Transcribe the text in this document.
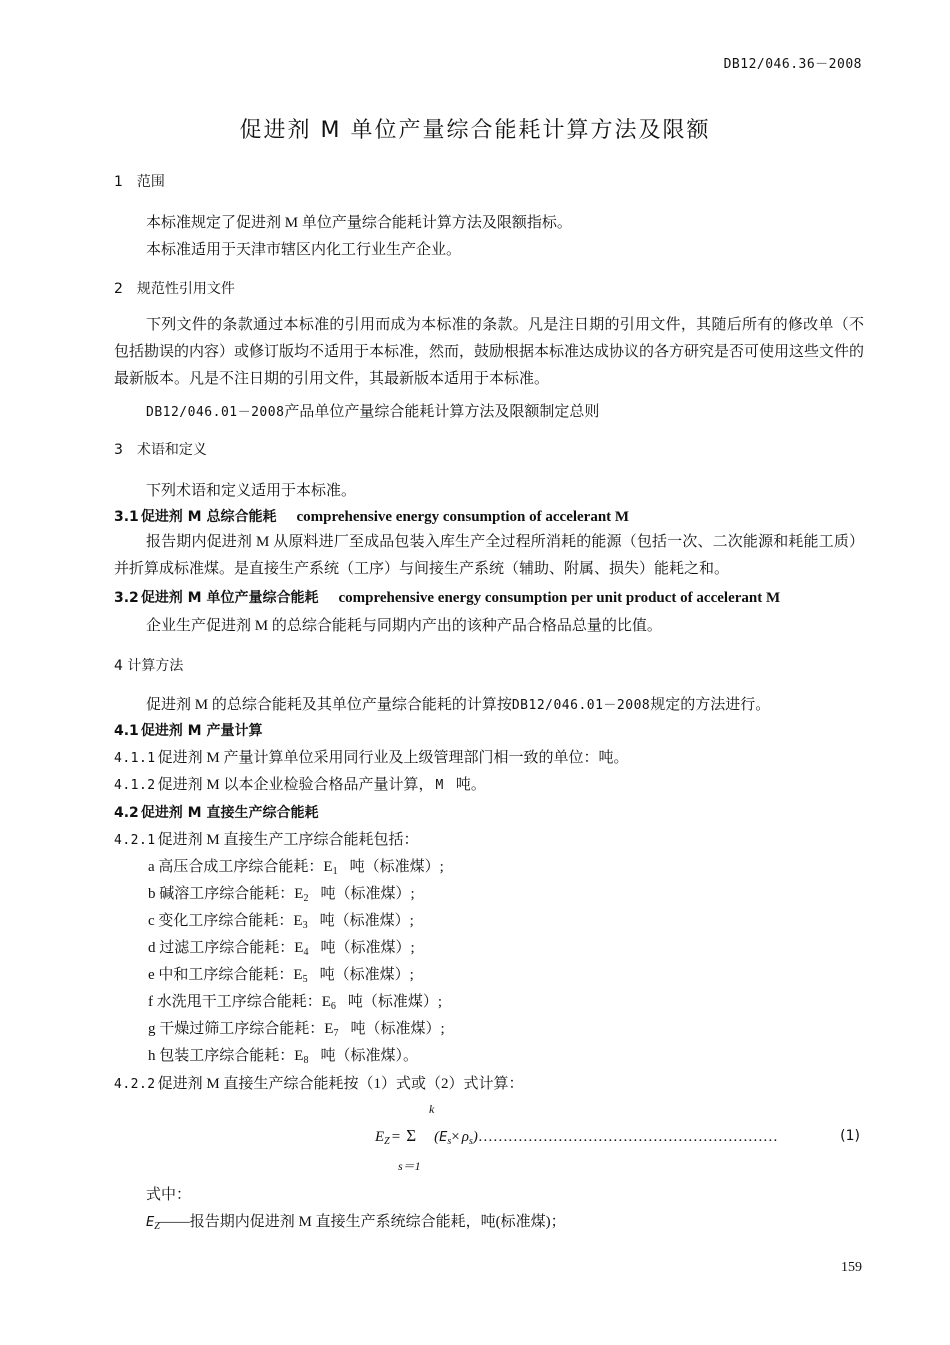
DB12/046.36－2008
促进剂 M 单位产量综合能耗计算方法及限额
1　范围
本标准规定了促进剂 M 单位产量综合能耗计算方法及限额指标。
本标准适用于天津市辖区内化工行业生产企业。
2　规范性引用文件
下列文件的条款通过本标准的引用而成为本标准的条款。凡是注日期的引用文件，其随后所有的修改单（不包括勘误的内容）或修订版均不适用于本标准，然而，鼓励根据本标准达成协议的各方研究是否可使用这些文件的最新版本。凡是不注日期的引用文件，其最新版本适用于本标准。
DB12/046.01－2008产品单位产量综合能耗计算方法及限额制定总则
3　术语和定义
下列术语和定义适用于本标准。
3.1 促进剂 M 总综合能耗 comprehensive energy consumption of accelerant M
报告期内促进剂 M 从原料进厂至成品包装入库生产全过程所消耗的能源（包括一次、二次能源和耗能工质）并折算成标准煤。是直接生产系统（工序）与间接生产系统（辅助、附属、损失）能耗之和。
3.2 促进剂 M 单位产量综合能耗 comprehensive energy consumption per unit product of accelerant M
企业生产促进剂 M 的总综合能耗与同期内产出的该种产品合格品总量的比值。
4 计算方法
促进剂 M 的总综合能耗及其单位产量综合能耗的计算按DB12/046.01－2008规定的方法进行。
4.1 促进剂 M 产量计算
4.1.1 促进剂 M 产量计算单位采用同行业及上级管理部门相一致的单位：吨。
4.1.2 促进剂 M 以本企业检验合格品产量计算， M 吨。
4.2 促进剂 M 直接生产综合能耗
4.2.1 促进剂 M 直接生产工序综合能耗包括：
a 高压合成工序综合能耗：$E_1$ 吨（标准煤）;
b 碱溶工序综合能耗：$E_2$ 吨（标准煤）;
c 变化工序综合能耗：$E_3$ 吨（标准煤）;
d 过滤工序综合能耗：$E_4$ 吨（标准煤）;
e 中和工序综合能耗：$E_5$ 吨（标准煤）;
f 水洗甩干工序综合能耗：$E_6$ 吨（标准煤）;
g 干燥过筛工序综合能耗：$E_7$ 吨（标准煤）;
h 包装工序综合能耗：$E_8$ 吨（标准煤）。
4.2.2 促进剂 M 直接生产综合能耗按（1）式或（2）式计算：
k
$E_Z = \Sigma$ ($E_s\times$ $\rho_s)\dots\dots\dots\dots\dots\dots\dots\dots\dots\dots\dots\dots\dots\dots\dots\dots\dots\dots\dots\dots$	(1)
s＝1
式中：
$E_Z——$报告期内促进剂 M 直接生产系统综合能耗，吨(标准煤)；
159
